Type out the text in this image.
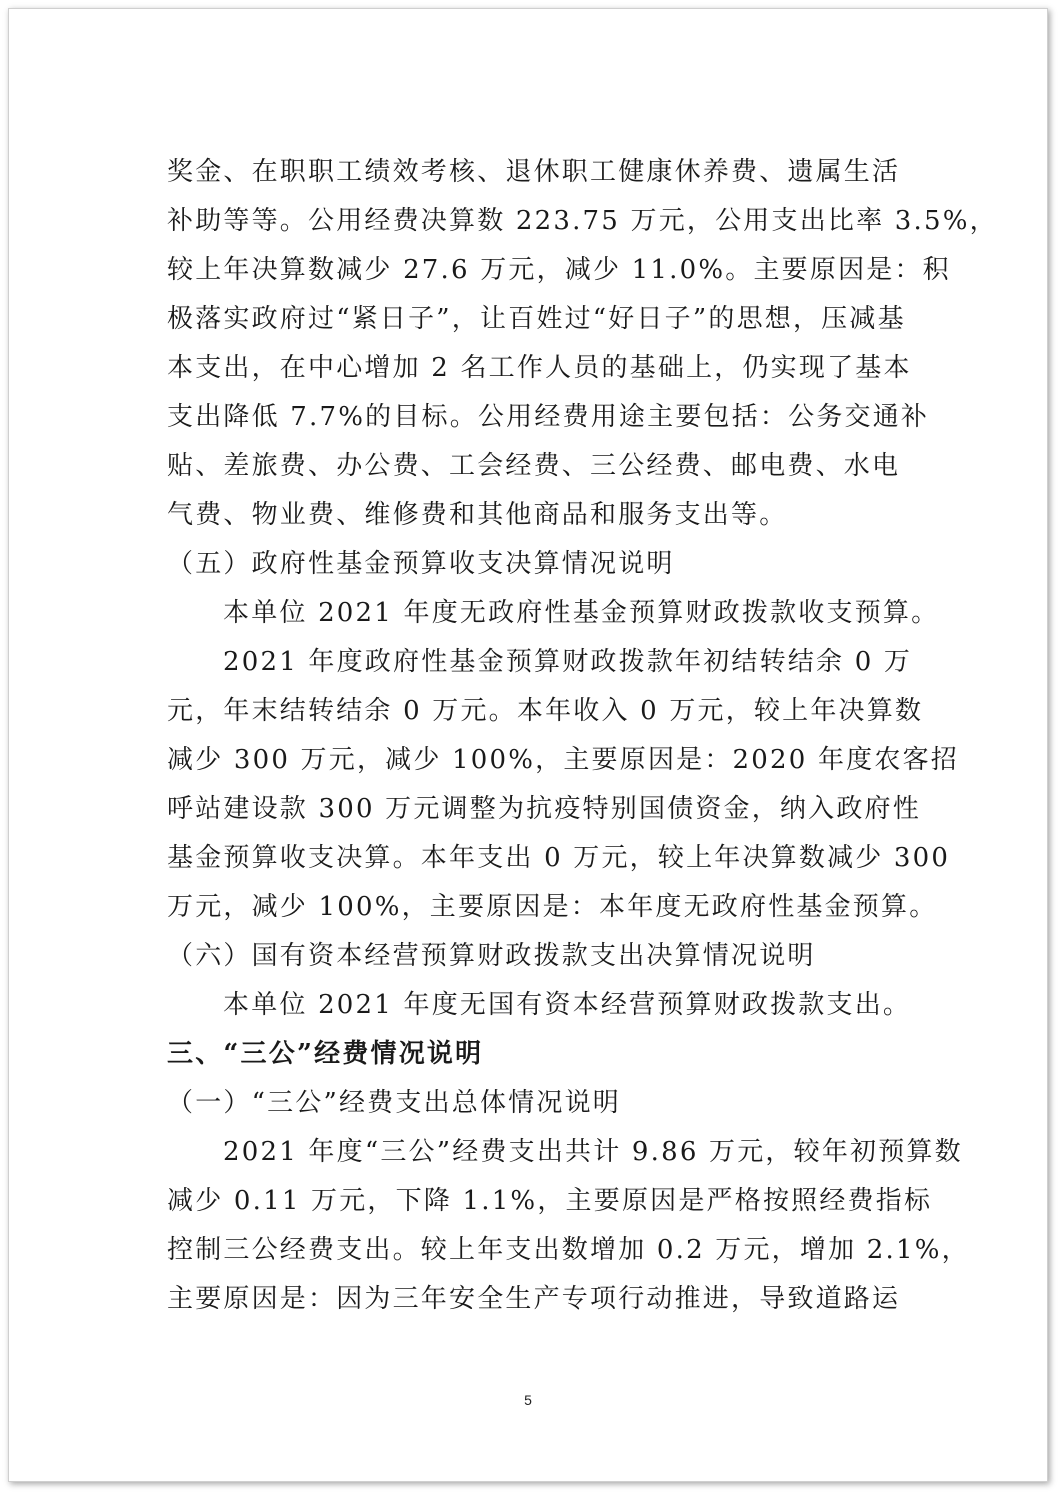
奖金、在职职工绩效考核、退休职工健康休养费、遗属生活
补助等等。公用经费决算数 223.75 万元，公用支出比率 3.5%，
较上年决算数减少 27.6 万元，减少 11.0%。主要原因是：积
极落实政府过“紧日子”，让百姓过“好日子”的思想，压减基
本支出，在中心增加 2 名工作人员的基础上，仍实现了基本
支出降低 7.7%的目标。公用经费用途主要包括：公务交通补
贴、差旅费、办公费、工会经费、三公经费、邮电费、水电
气费、物业费、维修费和其他商品和服务支出等。
（五）政府性基金预算收支决算情况说明
本单位 2021 年度无政府性基金预算财政拨款收支预算。
2021 年度政府性基金预算财政拨款年初结转结余 0 万
元，年末结转结余 0 万元。本年收入 0 万元，较上年决算数
减少 300 万元，减少 100%，主要原因是：2020 年度农客招
呼站建设款 300 万元调整为抗疫特别国债资金，纳入政府性
基金预算收支决算。本年支出 0 万元，较上年决算数减少 300
万元，减少 100%，主要原因是：本年度无政府性基金预算。
（六）国有资本经营预算财政拨款支出决算情况说明
本单位 2021 年度无国有资本经营预算财政拨款支出。
三、“三公”经费情况说明
（一）“三公”经费支出总体情况说明
2021 年度“三公”经费支出共计 9.86 万元，较年初预算数
减少 0.11 万元，下降 1.1%，主要原因是严格按照经费指标
控制三公经费支出。较上年支出数增加 0.2 万元，增加 2.1%，
主要原因是：因为三年安全生产专项行动推进，导致道路运
5
